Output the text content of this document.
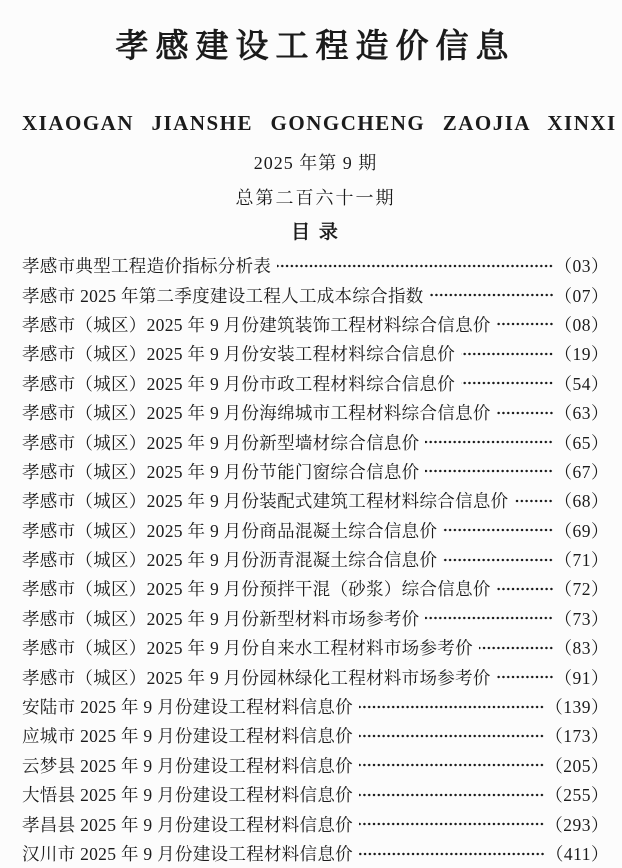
孝感建设工程造价信息
XIAOGAN  JIANSHE  GONGCHENG  ZAOJIA  XINXI
2025 年第 9 期
总第二百六十一期
目 录
孝感市典型工程造价指标分析表	（03）
孝感市 2025 年第二季度建设工程人工成本综合指数	（07）
孝感市（城区）2025 年 9 月份建筑装饰工程材料综合信息价	（08）
孝感市（城区）2025 年 9 月份安装工程材料综合信息价	（19）
孝感市（城区）2025 年 9 月份市政工程材料综合信息价	（54）
孝感市（城区）2025 年 9 月份海绵城市工程材料综合信息价	（63）
孝感市（城区）2025 年 9 月份新型墙材综合信息价	（65）
孝感市（城区）2025 年 9 月份节能门窗综合信息价	（67）
孝感市（城区）2025 年 9 月份装配式建筑工程材料综合信息价	（68）
孝感市（城区）2025 年 9 月份商品混凝土综合信息价	（69）
孝感市（城区）2025 年 9 月份沥青混凝土综合信息价	（71）
孝感市（城区）2025 年 9 月份预拌干混（砂浆）综合信息价	（72）
孝感市（城区）2025 年 9 月份新型材料市场参考价	（73）
孝感市（城区）2025 年 9 月份自来水工程材料市场参考价	（83）
孝感市（城区）2025 年 9 月份园林绿化工程材料市场参考价	（91）
安陆市 2025 年 9 月份建设工程材料信息价	（139）
应城市 2025 年 9 月份建设工程材料信息价	（173）
云梦县 2025 年 9 月份建设工程材料信息价	（205）
大悟县 2025 年 9 月份建设工程材料信息价	（255）
孝昌县 2025 年 9 月份建设工程材料信息价	（293）
汉川市 2025 年 9 月份建设工程材料信息价	（411）
